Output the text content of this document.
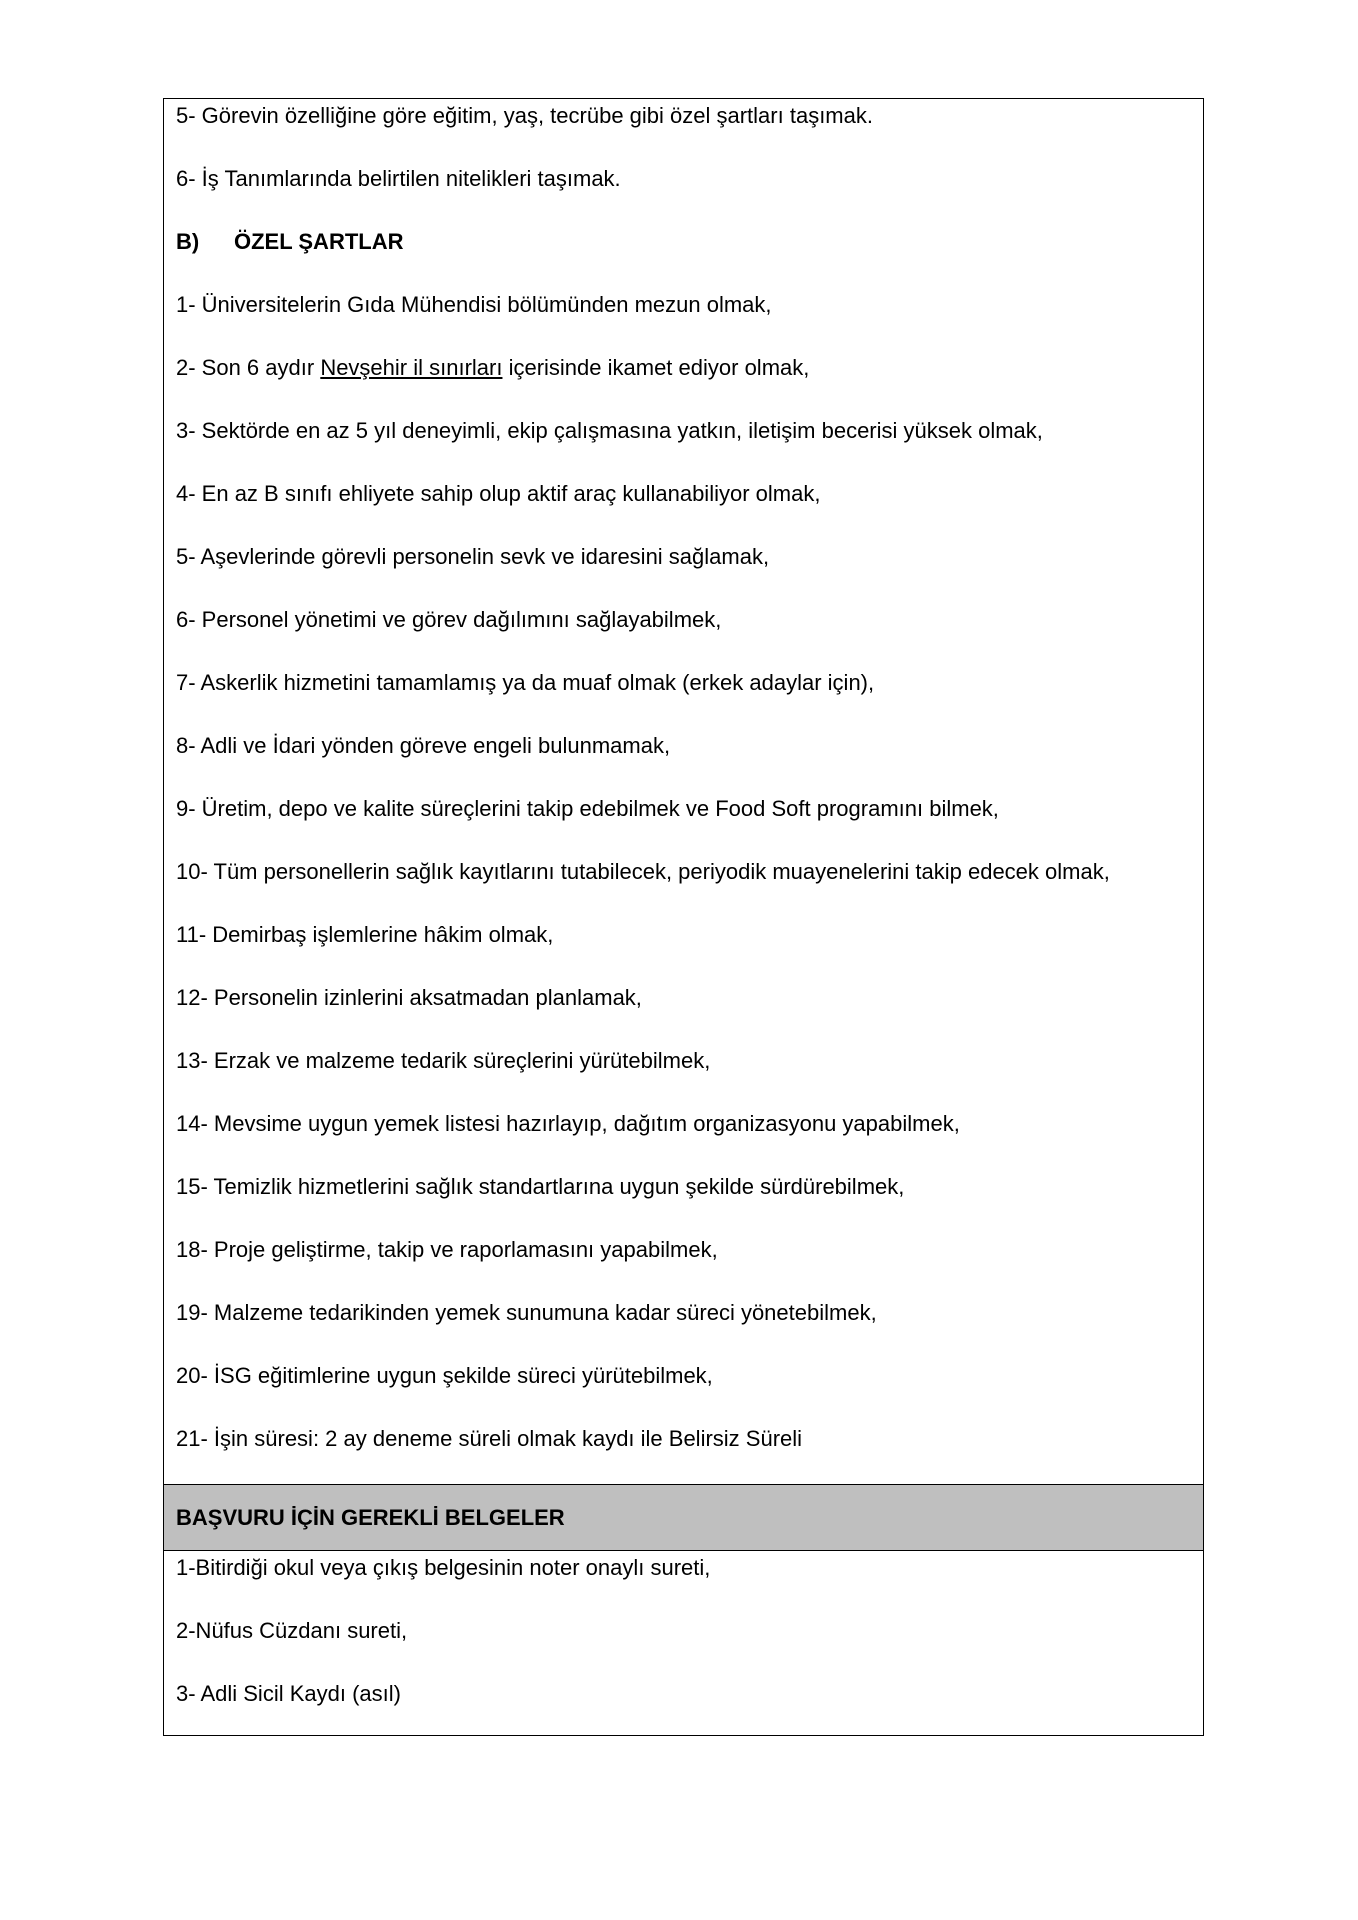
5- Görevin özelliğine göre eğitim, yaş, tecrübe gibi özel şartları taşımak.
6- İş Tanımlarında belirtilen nitelikleri taşımak.
B) ÖZEL ŞARTLAR
1- Üniversitelerin Gıda Mühendisi bölümünden mezun olmak,
2- Son 6 aydır Nevşehir il sınırları içerisinde ikamet ediyor olmak,
3- Sektörde en az 5 yıl deneyimli, ekip çalışmasına yatkın, iletişim becerisi yüksek olmak,
4- En az B sınıfı ehliyete sahip olup aktif araç kullanabiliyor olmak,
5- Aşevlerinde görevli personelin sevk ve idaresini sağlamak,
6- Personel yönetimi ve görev dağılımını sağlayabilmek,
7- Askerlik hizmetini tamamlamış ya da muaf olmak (erkek adaylar için),
8- Adli ve İdari yönden göreve engeli bulunmamak,
9- Üretim, depo ve kalite süreçlerini takip edebilmek ve Food Soft programını bilmek,
10- Tüm personellerin sağlık kayıtlarını tutabilecek, periyodik muayenelerini takip edecek olmak,
11- Demirbaş işlemlerine hâkim olmak,
12- Personelin izinlerini aksatmadan planlamak,
13- Erzak ve malzeme tedarik süreçlerini yürütebilmek,
14- Mevsime uygun yemek listesi hazırlayıp, dağıtım organizasyonu yapabilmek,
15- Temizlik hizmetlerini sağlık standartlarına uygun şekilde sürdürebilmek,
18- Proje geliştirme, takip ve raporlamasını yapabilmek,
19- Malzeme tedarikinden yemek sunumuna kadar süreci yönetebilmek,
20- İSG eğitimlerine uygun şekilde süreci yürütebilmek,
21- İşin süresi: 2 ay deneme süreli olmak kaydı ile Belirsiz Süreli
BAŞVURU İÇİN GEREKLİ BELGELER
1-Bitirdiği okul veya çıkış belgesinin noter onaylı sureti,
2-Nüfus Cüzdanı sureti,
3- Adli Sicil Kaydı (asıl)
